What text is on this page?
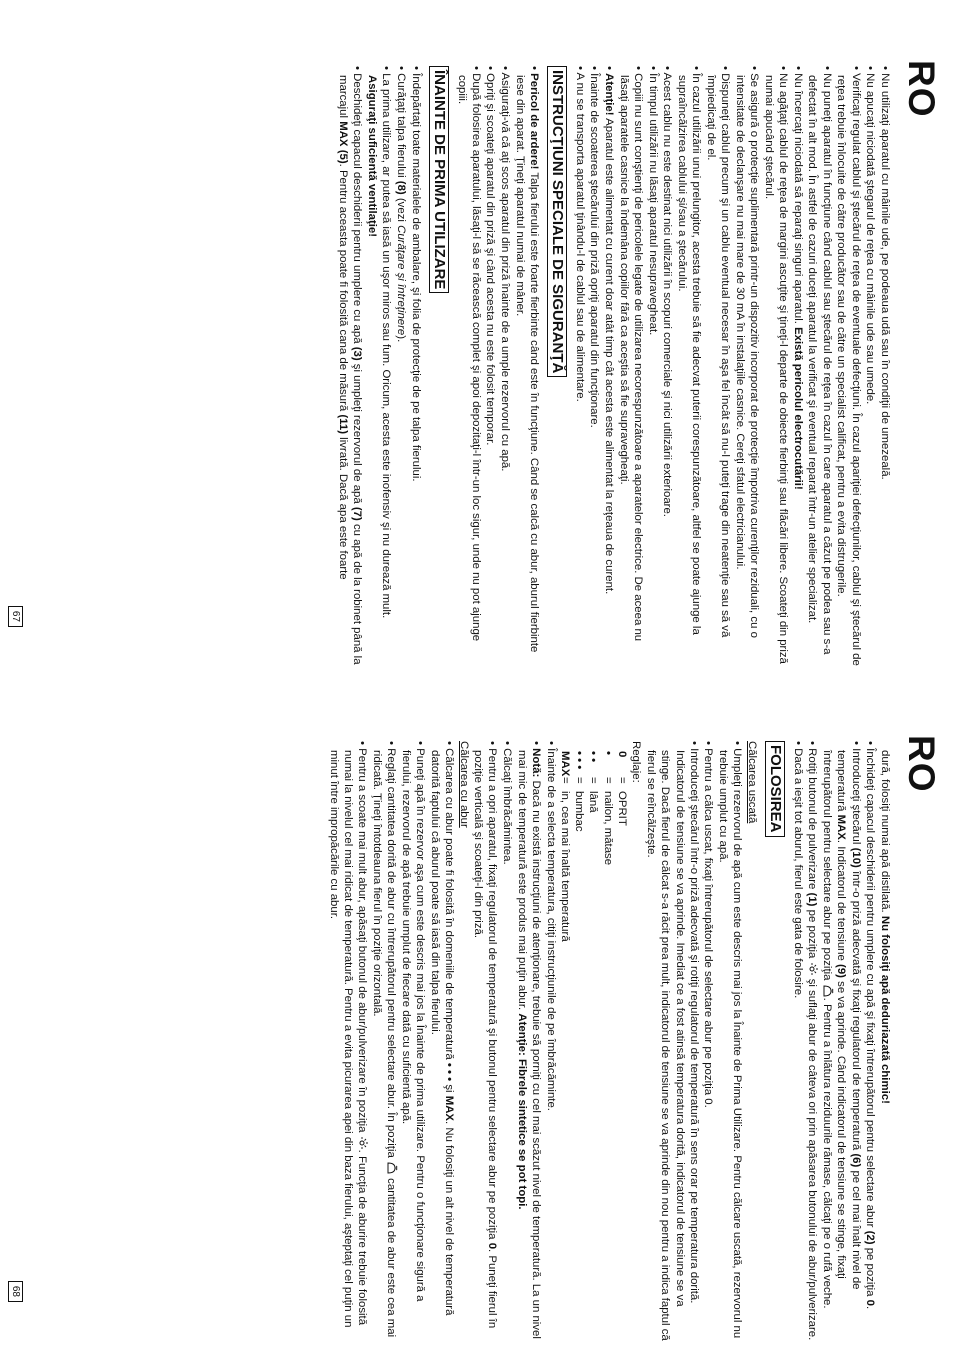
RO

• Nu utilizaţi aparatul cu mâinile ude, pe podeaua udă sau în condiţii de umezeală.

• Nu apucaţi niciodată ştegarul de reţea cu mâinile ude sau umede.

• Verificaţi regulat cablul şi ştecărul de reţea de eventuale defecţiuni. În cazul apariţiei defecţiunilor, cablul şi ştecărul de reţea trebuie înlocuite de către producător sau de către un specialist calificat, pentru a evita distrugerile.

• Nu puneţi aparatul în funcţiune când cablul sau ştecărul de reţea în cazul în care aparatul a căzut pe podea sau s-a defectat în alt mod. În astfel de cazuri duceţi aparatul la verificat şi eventual reparat într-un atelier specializat.

• Nu încercaţi niciodată să reparaţi singuri aparatul. Există pericolul electrocutării!

• Nu agăţaţi cablul de reţea de margini ascuţite şi ţineţi-l departe de obiecte fierbinţi sau flăcări libere. Scoateţi din priză numai apucând ştecărul.

• Se asigură o protecţie suplimentară printr-un dispozitiv incorporat de protecţie împotriva curenţilor reziduali, cu o intensitate de declanşare nu mai mare de 30 mA în instalaţiile casnice. Cereţi sfatul electricianului.

• Dispuneţi cablul precum şi un cablu eventual necesar în aşa fel încât să nu-l puteţi trage din neatenţie sau să vă împiedicaţi de el.

• În cazul utilizării unui prelungitor, acesta trebuie să fie adecvat puterii corespunzătoare, altfel se poate ajunge la supraîncălzirea cablului şi/sau a ştecărului.

• Acest cablu nu este destinat nici utilizării în scopuri comerciale şi nici utilizării exterioare.

• În timpul utilizării nu lăsaţi aparatul nesupravegheat.

• Copiii nu sunt conştienţi de pericolele legate de utilizarea necorespunzătoare a aparatelor electrice. De aceea nu lăsaţi aparatele casnice la îndemâna copiilor fără ca aceştia să fie supravegheaţi.

• Atenţie! Aparatul este alimentat cu curent doar atât timp cât acesta este alimentat la reţeaua de curent.

• Înainte de scoaterea ştecărului din priză opriţi aparatul din funcţionare.

• A nu se transporta aparatul ţinându-l de cablul sau de alimentare.

INSTRUCŢIUNI SPECIALE DE SIGURANŢĂ

• Pericol de ardere! Talpa fierului este foarte fierbinte când este în funcţiune. Când se calcă cu abur, aburul fierbinte iese din aparat. Ţineţi aparatul numai de mâner.

• Asiguraţi-vă că aţi scos aparatul din priză înainte de a umple rezervorul cu apă.

• Opriţi şi scoateţi aparatul din priză şi când acesta nu este folosit temporar.

• După folosirea aparatului, lăsaţi-l să se răcească complet şi apoi depozitaţi-l într-un loc sigur, unde nu pot ajunge copiii.

ÎNAINTE DE PRIMA UTILIZARE

• Îndepărtaţi toate materialele de ambalare, şi folia de protecţie de pe talpa fierului.

• Curăţaţi talpa fierului (8) (vezi Curăţare şi întreţinere).

• La prima utilizare, ar putea să iasă un uşor miros sau fum. Oricum, acesta este inofensiv şi nu durează mult. Asiguraţi suficientă ventilaţie!

• Deschideţi capacul deschiderii pentru umplere cu apă (3) şi umpleţi rezervorul de apă (7) cu apă de la robinet până la marcajul MAX (5). Pentru aceasta poate fi folosită cana de măsură (11) livrată. Dacă apa este foarte

67
RO

dură, folosiţi numai apă distilată. Nu folosiţi apă deduriazată chimic!

• Închideţi capacul deschiderii pentru umplere cu apă şi fixaţi întrerupătorul pentru selectare abur (2) pe poziţia 0.

• Introduceţi ştecărul (10) într-o priză adecvată şi fixaţi regulatorul de temperatură (6) pe cel mai înalt nivel de temperatură MAX. Indicatorul de tensiune (9) se va aprinde. Când indicatorul de tensiune se stinge, fixaţi întrerupătorul pentru selectare abur pe poziţia
. Pentru a înlătura reziduurile rămase, călcaţi pe o rufă veche.

• Rotiţi butonul de pulverizare (1) pe poziţia
şi suflaţi abur de câteva ori prin apăsarea butonului de abur/pulverizare.

• Dacă a ieşit tot aburul, fierul este gata de folosire.

FOLOSIREA

Călcarea uscată

• Umpleţi rezervorul de apă cum este descris mai jos la Înainte de Prima Utilizare. Pentru călcare uscată, rezervorul nu trebuie umplut cu apă.

• Pentru a călca uscat, fixaţi întrerupătorul de selectare abur pe poziţia 0.

• Introduceţi ştecărul într-o priză adecvată şi rotiţi regulatorul de temperatură în sens orar pe temperatura dorită. Indicatorul de tensiune se va aprinde. Imediat ce a fost atinsă temperatura dorită, indicatorul de tensiune se va stinge. Dacă fierul de călcat s-a răcit prea mult, indicatorul de tensiune se va aprinde din nou pentru a indica faptul că fierul se reîncălzeşte.

Reglaje:

0
=
OPRIT
•
=
nailon, mătase
• •
=
lână
• • •
=
bumbac
MAX
=
in, cea mai înaltă temperatură

• Înainte de a selecta temperatura, citiţi instrucţiunile de pe îmbrăcăminte.

• Notă: Dacă nu există instrucţiuni de atenţionare, trebuie să porniţi cu cel mai scăzut nivel de temperatură. La un nivel mai mic de temperatură este produs mai puţin abur. Atenţie: Fibrele sintetice se pot topi.

• Călcaţi îmbrăcămintea.

• Pentru a opri aparatul, fixaţi regulatorul de temperatură şi butonul pentru selectare abur pe poziţia 0. Puneţi fierul în poziţie verticală şi scoateţi-l din priză.

Călcarea cu abur

• Călcarea cu abur poate fi folosită în domeniile de temperatură • • • şi MAX. Nu folosiţi un alt nivel de temperatură datorită faptului că aburul poate să iasă din talpa fierului.

• Puneţi apă în rezervor aşa cum este descris mai jos la Înainte de prima utilizare. Pentru o funcţionare sigură a fierului, rezervorul de apă trebuie umplut de fiecare dată cu suficientă apă.

• Reglaţi cantitatea dorită de abur cu întrerupătorul pentru selectare abur. În poziţia
cantitatea de abur este cea mai ridicată. Ţineţi întotdeauna fierul în poziţie orizontală.

• Pentru a scoate mai mult abur, apăsaţi butonul de abur/pulverizare în poziţia
. Funcţia de aburire trebuie folosită numai la nivelul cel mai ridicat de temperatură. Pentru a evita picurarea apei din baza fierului, aşteptaţi cel puţin un minut între impropăcările cu abur.

68
